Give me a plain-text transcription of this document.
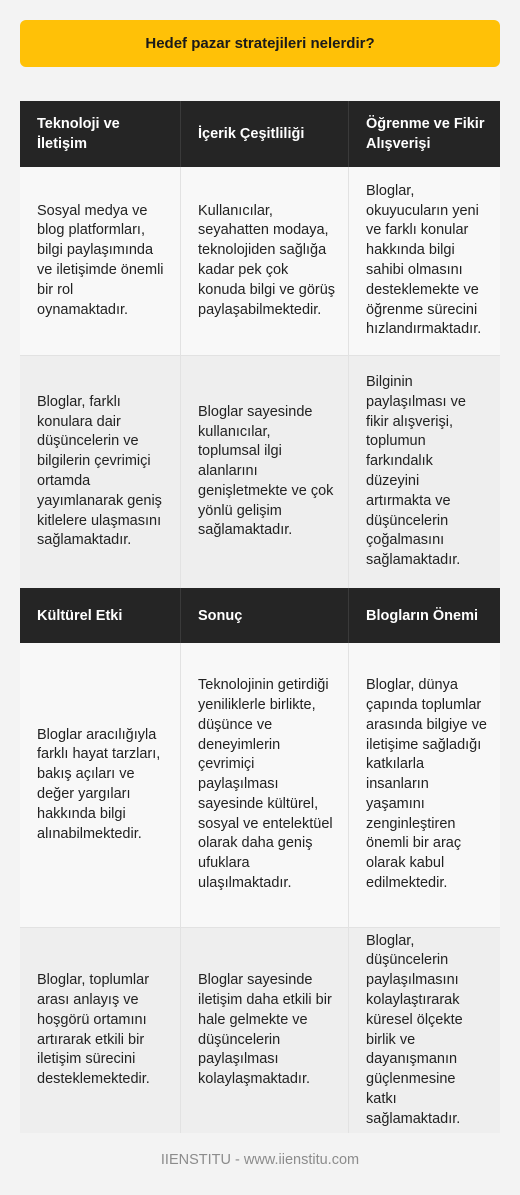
Hedef pazar stratejileri nelerdir?
Teknoloji ve İletişim
İçerik Çeşitliliği
Öğrenme ve Fikir Alışverişi
Sosyal medya ve blog platformları, bilgi paylaşımında ve iletişimde önemli bir rol oynamaktadır.
Kullanıcılar, seyahatten modaya, teknolojiden sağlığa kadar pek çok konuda bilgi ve görüş paylaşabilmektedir.
Bloglar, okuyucuların yeni ve farklı konular hakkında bilgi sahibi olmasını desteklemekte ve öğrenme sürecini hızlandırmaktadır.
Bloglar, farklı konulara dair düşüncelerin ve bilgilerin çevrimiçi ortamda yayımlanarak geniş kitlelere ulaşmasını sağlamaktadır.
Bloglar sayesinde kullanıcılar, toplumsal ilgi alanlarını genişletmekte ve çok yönlü gelişim sağlamaktadır.
Bilginin paylaşılması ve fikir alışverişi, toplumun farkındalık düzeyini artırmakta ve düşüncelerin çoğalmasını sağlamaktadır.
Kültürel Etki	Sonuç	Blogların Önemi
Bloglar aracılığıyla farklı hayat tarzları, bakış açıları ve değer yargıları hakkında bilgi alınabilmektedir.
Teknolojinin getirdiği yeniliklerle birlikte, düşünce ve deneyimlerin çevrimiçi paylaşılması sayesinde kültürel, sosyal ve entelektüel olarak daha geniş ufuklara ulaşılmaktadır.
Bloglar, dünya çapında toplumlar arasında bilgiye ve iletişime sağladığı katkılarla insanların yaşamını zenginleştiren önemli bir araç olarak kabul edilmektedir.
Bloglar, toplumlar arası anlayış ve hoşgörü ortamını artırarak etkili bir iletişim sürecini desteklemektedir.
Bloglar sayesinde iletişim daha etkili bir hale gelmekte ve düşüncelerin paylaşılması kolaylaşmaktadır.
Bloglar, düşüncelerin paylaşılmasını kolaylaştırarak küresel ölçekte birlik ve dayanışmanın güçlenmesine katkı sağlamaktadır.
IIENSTITU - www.iienstitu.com
